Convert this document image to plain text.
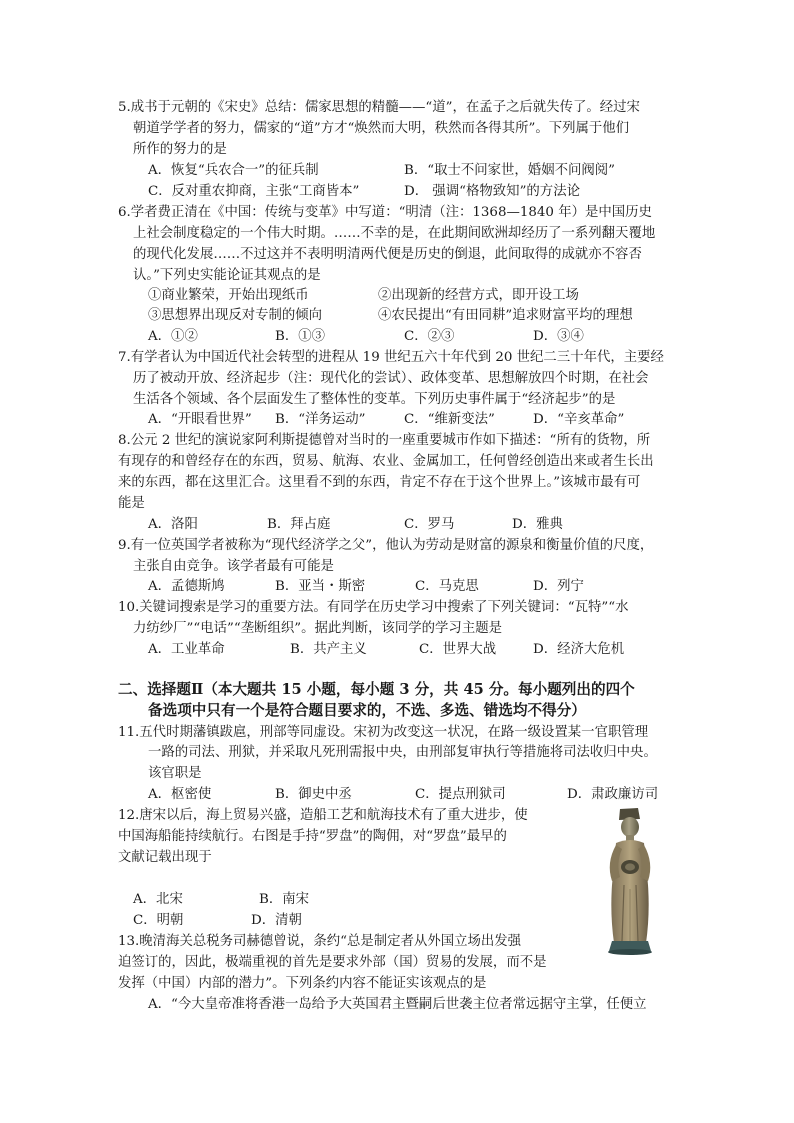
5.成书于元朝的《宋史》总结：儒家思想的精髓——“道”，在孟子之后就失传了。经过宋
朝道学学者的努力，儒家的“道”方才“焕然而大明，秩然而各得其所”。下列属于他们
所作的努力的是
A．恢复“兵农合一”的征兵制	B．“取士不问家世，婚姻不问阀阅”
C．反对重农抑商，主张“工商皆本”	D． 强调“格物致知”的方法论
6.学者费正清在《中国：传统与变革》中写道：“明清（注：1368—1840 年）是中国历史
上社会制度稳定的一个伟大时期。……不幸的是，在此期间欧洲却经历了一系列翻天覆地
的现代化发展……不过这并不表明明清两代便是历史的倒退，此间取得的成就亦不容否
认。”下列史实能论证其观点的是
①商业繁荣，开始出现纸币	②出现新的经营方式，即开设工场
③思想界出现反对专制的倾向	④农民提出“有田同耕”追求财富平均的理想
A．①②	B．①③	C．②③	D．③④
7.有学者认为中国近代社会转型的进程从 19 世纪五六十年代到 20 世纪二三十年代，主要经
历了被动开放、经济起步（注：现代化的尝试）、政体变革、思想解放四个时期，在社会
生活各个领域、各个层面发生了整体性的变革。下列历史事件属于“经济起步”的是
A．“开眼看世界” B．“洋务运动”	C．“维新变法”	D．“辛亥革命”
8.公元 2 世纪的演说家阿利斯提德曾对当时的一座重要城市作如下描述：“所有的货物，所
有现存的和曾经存在的东西，贸易、航海、农业、金属加工，任何曾经创造出来或者生长出
来的东西，都在这里汇合。这里看不到的东西，肯定不存在于这个世界上。”该城市最有可
能是
A．洛阳	B．拜占庭	C．罗马	D．雅典
9.有一位英国学者被称为“现代经济学之父”，他认为劳动是财富的源泉和衡量价值的尺度，
主张自由竞争。该学者最有可能是
A．孟德斯鸠	B．亚当・斯密	C．马克思	D．列宁
10.关键词搜索是学习的重要方法。有同学在历史学习中搜索了下列关键词：“瓦特”“水
力纺纱厂”“电话”“垄断组织”。据此判断，该同学的学习主题是
A．工业革命	B．共产主义	C．世界大战	D．经济大危机
二、选择题Ⅱ（本大题共 15 小题，每小题 3 分，共 45 分。每小题列出的四个
备选项中只有一个是符合题目要求的，不选、多选、错选均不得分）
11.五代时期藩镇跋扈，刑部等同虚设。宋初为改变这一状况，在路一级设置某一官职管理
一路的司法、刑狱，并采取凡死刑需报中央，由刑部复审执行等措施将司法收归中央。
该官职是
A．枢密使	B．御史中丞	C．提点刑狱司	D．肃政廉访司
12.唐宋以后，海上贸易兴盛，造船工艺和航海技术有了重大进步，使
中国海船能持续航行。右图是手持“罗盘”的陶佣，对“罗盘”最早的
文献记载出现于
A．北宋	B．南宋
C．明朝	D．清朝
13.晚清海关总税务司赫德曾说，条约“总是制定者从外国立场出发强
迫签订的，因此，极端重视的首先是要求外部（国）贸易的发展，而不是
发挥（中国）内部的潜力”。下列条约内容不能证实该观点的是
A．“今大皇帝准将香港一岛给予大英国君主暨嗣后世袭主位者常远据守主掌，任便立
